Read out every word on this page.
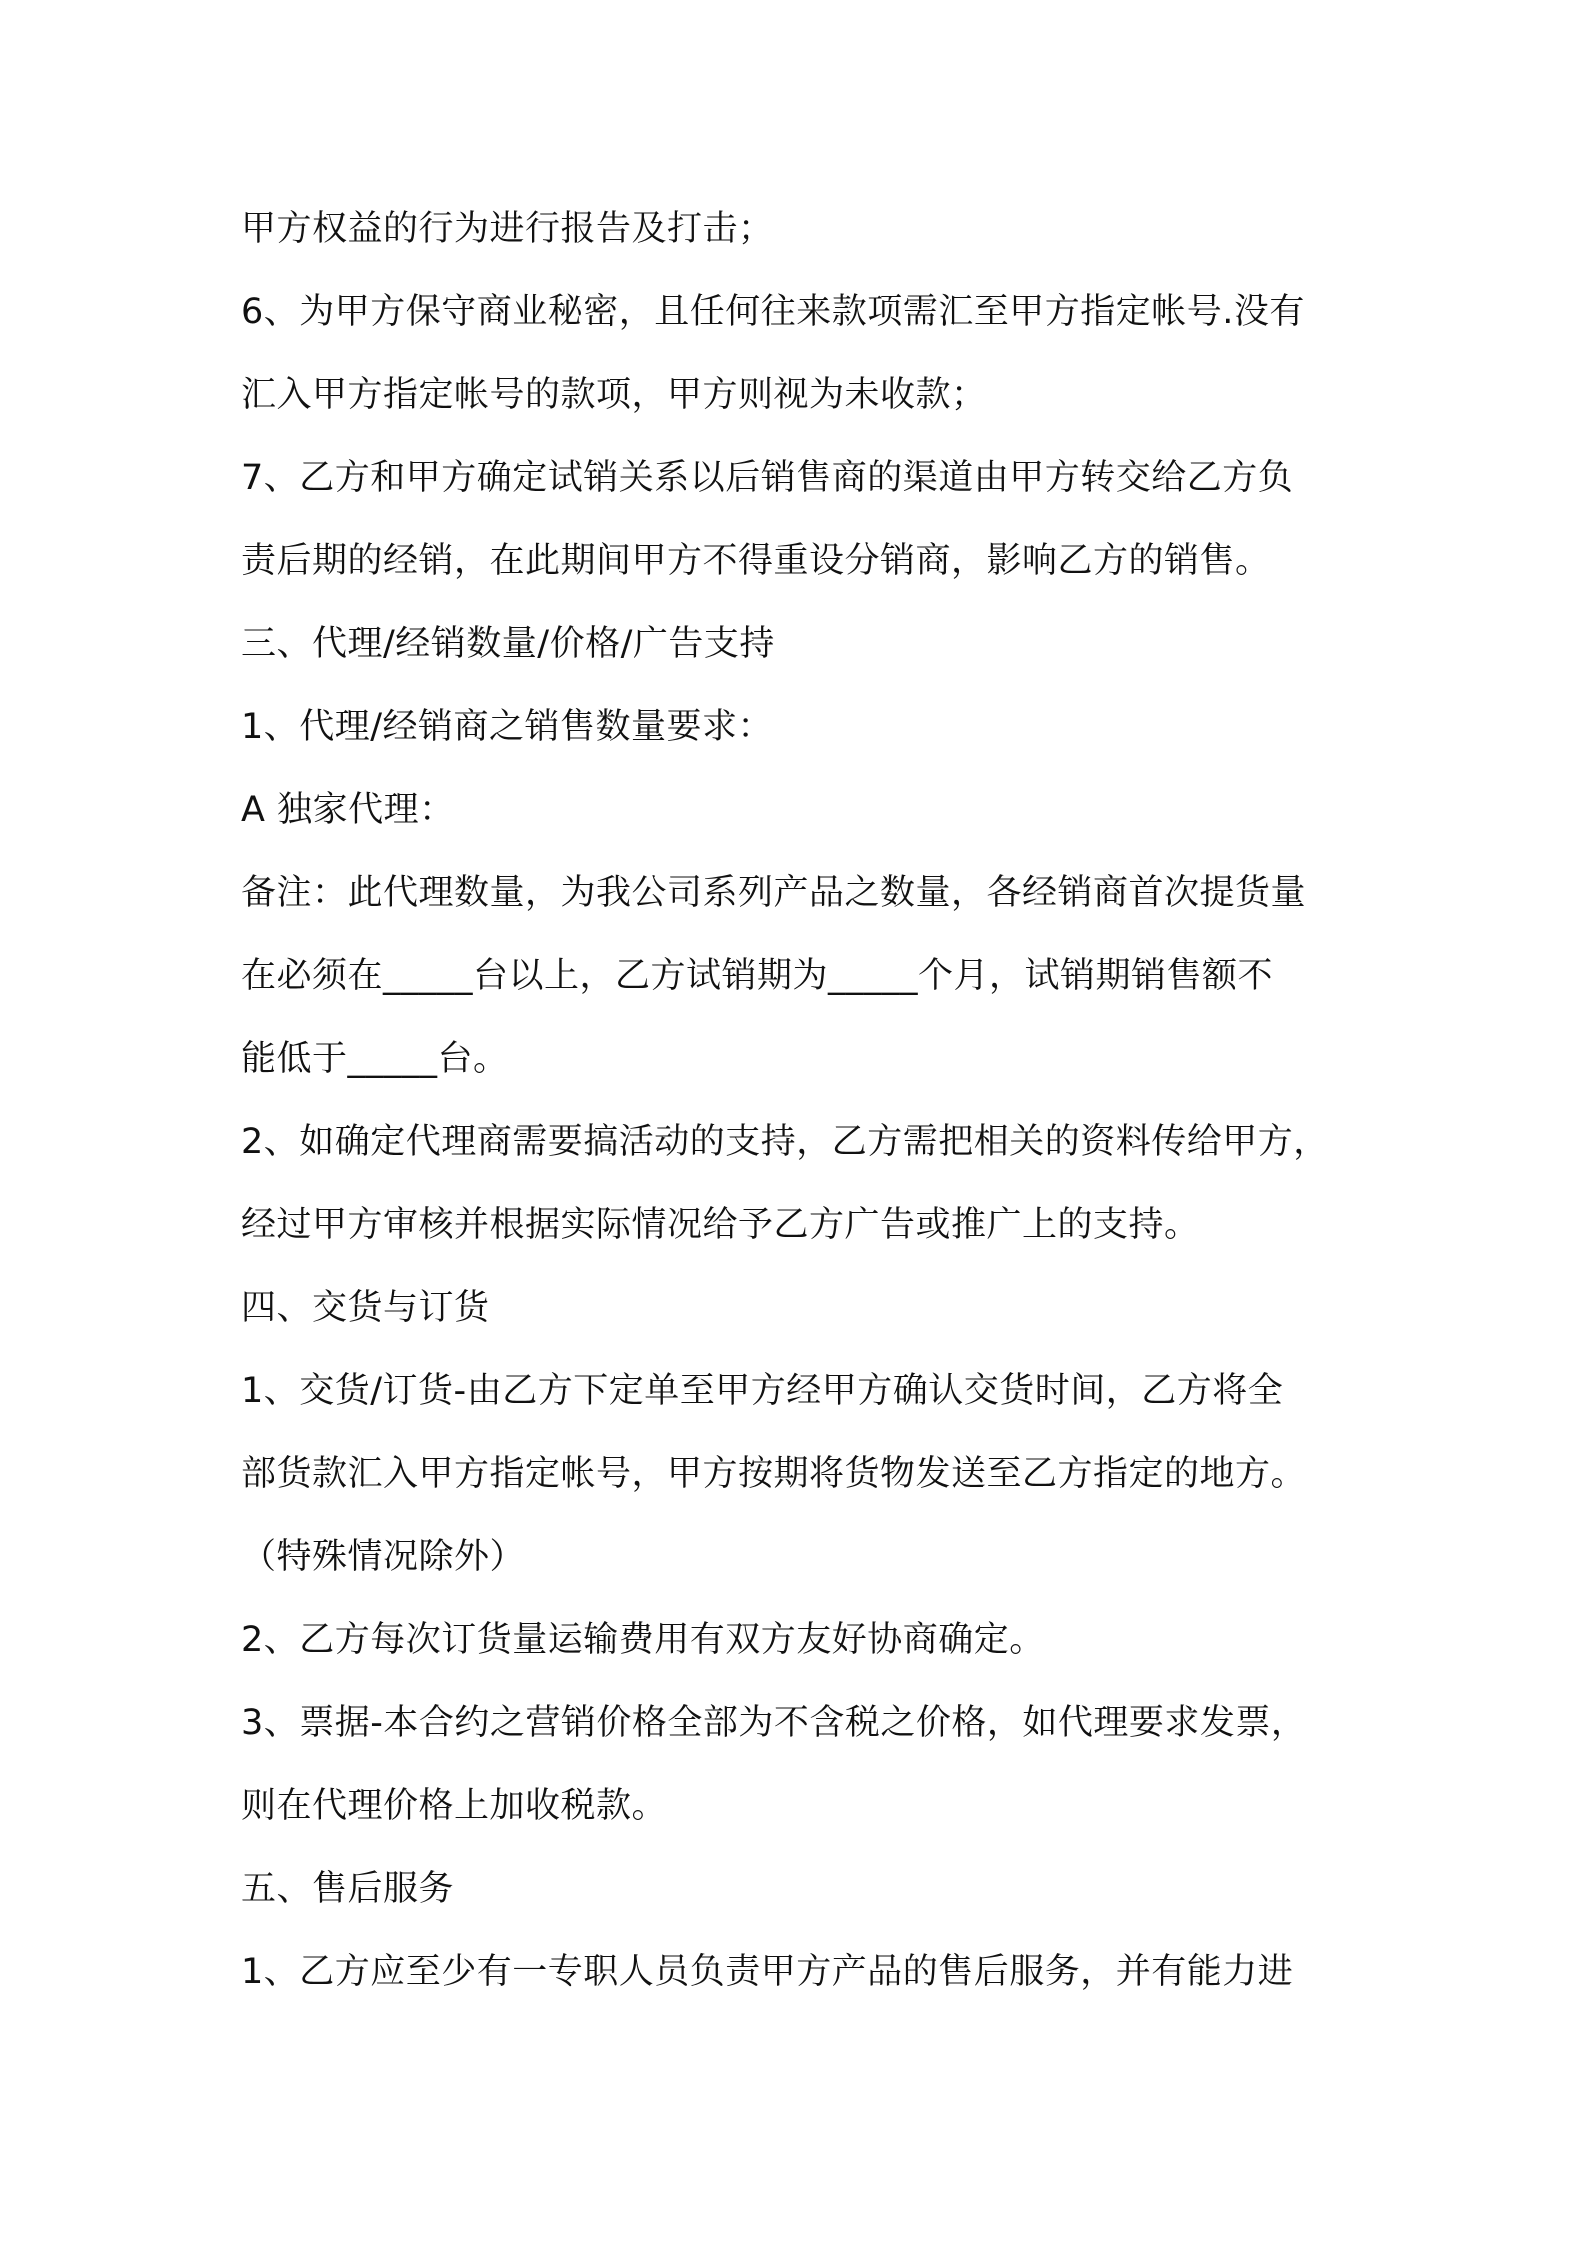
甲方权益的行为进行报告及打击；
6、为甲方保守商业秘密，且任何往来款项需汇至甲方指定帐号.没有
汇入甲方指定帐号的款项，甲方则视为未收款；
7、乙方和甲方确定试销关系以后销售商的渠道由甲方转交给乙方负
责后期的经销，在此期间甲方不得重设分销商，影响乙方的销售。
三、代理/经销数量/价格/广告支持
1、代理/经销商之销售数量要求：
A 独家代理：
备注：此代理数量，为我公司系列产品之数量，各经销商首次提货量
在必须在_____台以上，乙方试销期为_____个月，试销期销售额不
能低于_____台。
2、如确定代理商需要搞活动的支持，乙方需把相关的资料传给甲方，
经过甲方审核并根据实际情况给予乙方广告或推广上的支持。
四、交货与订货
1、交货/订货-由乙方下定单至甲方经甲方确认交货时间，乙方将全
部货款汇入甲方指定帐号，甲方按期将货物发送至乙方指定的地方。
（特殊情况除外）
2、乙方每次订货量运输费用有双方友好协商确定。
3、票据-本合约之营销价格全部为不含税之价格，如代理要求发票，
则在代理价格上加收税款。
五、售后服务
1、乙方应至少有一专职人员负责甲方产品的售后服务，并有能力进
